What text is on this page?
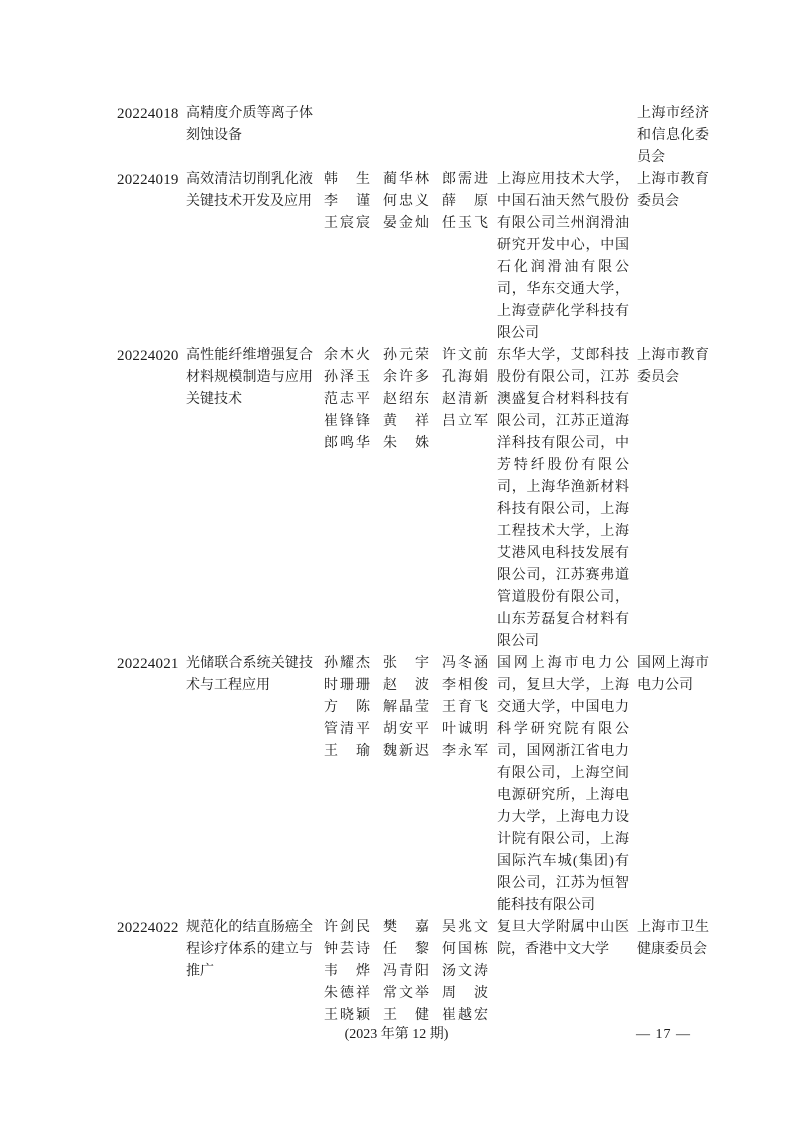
20224018 高精度介质等离子体刻蚀设备
上海市经济和信息化委员会
20224019 高效清洁切削乳化液关键技术开发及应用
韩生
李谨
王宸宸
蔺华林
何忠义
晏金灿
郎需进
薛原
任玉飞
上海应用技术大学，中国石油天然气股份有限公司兰州润滑油研究开发中心，中国石化润滑油有限公司，华东交通大学，上海壹萨化学科技有限公司
上海市教育委员会
20224020 高性能纤维增强复合材料规模制造与应用关键技术
余木火
孙泽玉
范志平
崔锋锋
郎鸣华
孙元荣
余许多
赵绍东
黄祥
朱姝
许文前
孔海娟
赵清新
吕立军
东华大学，艾郎科技股份有限公司，江苏澳盛复合材料科技有限公司，江苏正道海洋科技有限公司，中芳特纤股份有限公司，上海华渔新材料科技有限公司，上海工程技术大学，上海艾港风电科技发展有限公司，江苏赛弗道管道股份有限公司，山东芳磊复合材料有限公司
上海市教育委员会
20224021 光储联合系统关键技术与工程应用
孙耀杰
时珊珊
方陈
管清平
王瑜
张宇
赵波
解晶莹
胡安平
魏新迟
冯冬涵
李相俊
王育飞
叶诚明
李永军
国网上海市电力公司，复旦大学，上海交通大学，中国电力科学研究院有限公司，国网浙江省电力有限公司，上海空间电源研究所，上海电力大学，上海电力设计院有限公司，上海国际汽车城(集团)有限公司，江苏为恒智能科技有限公司
国网上海市电力公司
20224022 规范化的结直肠癌全程诊疗体系的建立与推广
许剑民
钟芸诗
韦烨
朱德祥
王晓颖
樊嘉
任黎
冯青阳
常文举
王健
吴兆文
何国栋
汤文涛
周波
崔越宏
复旦大学附属中山医院，香港中文大学
上海市卫生健康委员会
(2023 年第 12 期)	— 17 —
